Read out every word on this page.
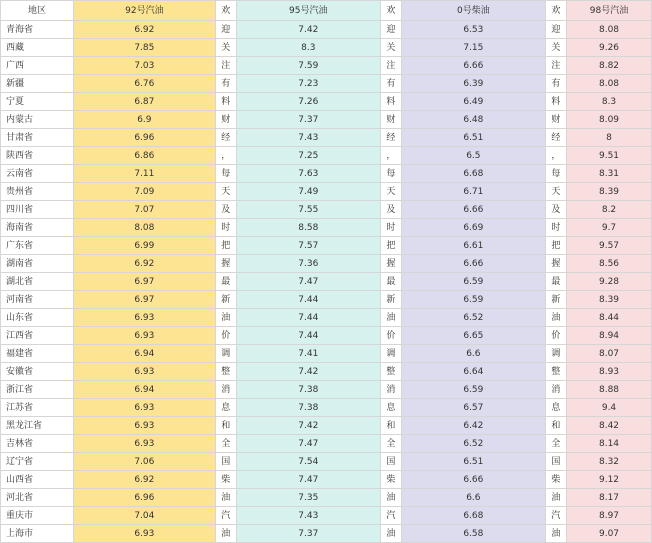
地区	92号汽油	欢	95号汽油	欢	0号柴油	欢	98号汽油
青海省	6.92	迎	7.42	迎	6.53	迎	8.08
西藏	7.85	关	8.3	关	7.15	关	9.26
广西	7.03	注	7.59	注	6.66	注	8.82
新疆	6.76	有	7.23	有	6.39	有	8.08
宁夏	6.87	料	7.26	料	6.49	料	8.3
内蒙古	6.9	财	7.37	财	6.48	财	8.09
甘肃省	6.96	经	7.43	经	6.51	经	8
陕西省	6.86	，	7.25	，	6.5	，	9.51
云南省	7.11	每	7.63	每	6.68	每	8.31
贵州省	7.09	天	7.49	天	6.71	天	8.39
四川省	7.07	及	7.55	及	6.66	及	8.2
海南省	8.08	时	8.58	时	6.69	时	9.7
广东省	6.99	把	7.57	把	6.61	把	9.57
湖南省	6.92	握	7.36	握	6.66	握	8.56
湖北省	6.97	最	7.47	最	6.59	最	9.28
河南省	6.97	新	7.44	新	6.59	新	8.39
山东省	6.93	油	7.44	油	6.52	油	8.44
江西省	6.93	价	7.44	价	6.65	价	8.94
福建省	6.94	调	7.41	调	6.6	调	8.07
安徽省	6.93	整	7.42	整	6.64	整	8.93
浙江省	6.94	消	7.38	消	6.59	消	8.88
江苏省	6.93	息	7.38	息	6.57	息	9.4
黑龙江省	6.93	和	7.42	和	6.42	和	8.42
吉林省	6.93	全	7.47	全	6.52	全	8.14
辽宁省	7.06	国	7.54	国	6.51	国	8.32
山西省	6.92	柴	7.47	柴	6.66	柴	9.12
河北省	6.96	油	7.35	油	6.6	油	8.17
重庆市	7.04	汽	7.43	汽	6.68	汽	8.97
上海市	6.93	油	7.37	油	6.58	油	9.07
